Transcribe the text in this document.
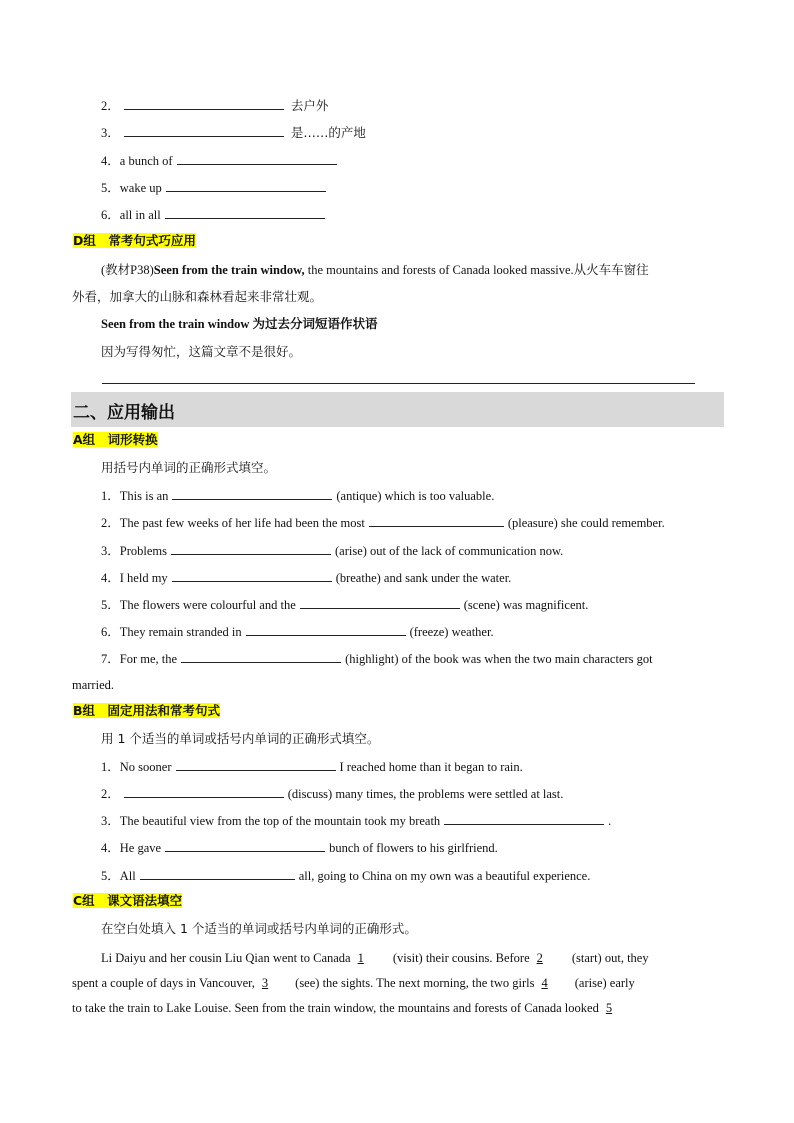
2．	去户外
3．	是……的产地
4．a bunch of
5．wake up
6．all in all
D组　常考句式巧应用
(教材P38)Seen from the train window, the mountains and forests of Canada looked massive.从火车车窗往
外看，加拿大的山脉和森林看起来非常壮观。
Seen from the train window 为过去分词短语作状语
因为写得匆忙，这篇文章不是很好。
二、应用输出
A组　词形转换
用括号内单词的正确形式填空。
1．This is an	(antique) which is too valuable.
2．The past few weeks of her life had been the most	(pleasure) she could remember.
3．Problems	(arise) out of the lack of communication now.
4．I held my	(breathe) and sank under the water.
5．The flowers were colourful and the	(scene) was magnificent.
6．They remain stranded in	(freeze) weather.
7．For me, the	(highlight) of the book was when the two main characters got
married.
B组　固定用法和常考句式
用 1 个适当的单词或括号内单词的正确形式填空。
1．No sooner	I reached home than it began to rain.
2．	(discuss) many times, the problems were settled at last.
3．The beautiful view from the top of the mountain took my breath	.
4．He gave	bunch of flowers to his girlfriend.
5．All	all, going to China on my own was a beautiful experience.
C组　课文语法填空
在空白处填入 1 个适当的单词或括号内单词的正确形式。
Li Daiyu and her cousin Liu Qian went to Canada 1 (visit) their cousins. Before 2 (start) out, they
spent a couple of days in Vancouver, 3 (see) the sights. The next morning, the two girls 4 (arise) early
to take the train to Lake Louise. Seen from the train window, the mountains and forests of Canada looked 5
